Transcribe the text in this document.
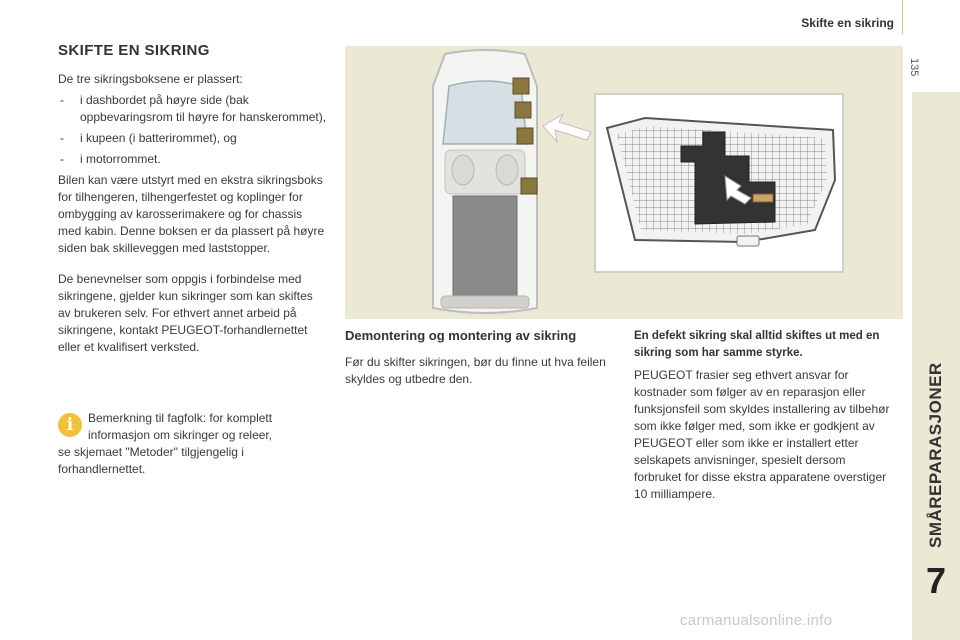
Skifte en sikring
135
SMÅREPARASJONER
7
SKIFTE EN SIKRING

De tre sikringsboksene er plassert:

- i dashbordet på høyre side (bak oppbevaringsrom til høyre for hanskerommet),
- i kupeen (i batterirommet), og
- i motorrommet.

Bilen kan være utstyrt med en ekstra sikringsboks for tilhengeren, tilhengerfestet og koplinger for ombygging av karosserimakere og for chassis med kabin. Denne boksen er da plassert på høyre siden bak skilleveggen med laststopper.

De benevnelser som oppgis i forbindelse med sikringene, gjelder kun sikringer som kan skiftes av brukeren selv. For ethvert annet arbeid på sikringene, kontakt PEUGEOT-forhandlernettet eller et kvalifisert verksted.

i	Bemerkning til fagfolk: for komplett informasjon om sikringer og releer,

se skjemaet "Metoder" tilgjengelig i forhandlernettet.

Demontering og montering av sikring

Før du skifter sikringen, bør du finne ut hva feilen skyldes og utbedre den.

En defekt sikring skal alltid skiftes ut med en sikring som har samme styrke.

PEUGEOT frasier seg ethvert ansvar for kostnader som følger av en reparasjon eller funksjonsfeil som skyldes installering av tilbehør som ikke følger med, som ikke er godkjent av PEUGEOT eller som ikke er installert etter selskapets anvisninger, spesielt dersom forbruket for disse ekstra apparatene overstiger 10 milliampere.

carmanualsonline.info
